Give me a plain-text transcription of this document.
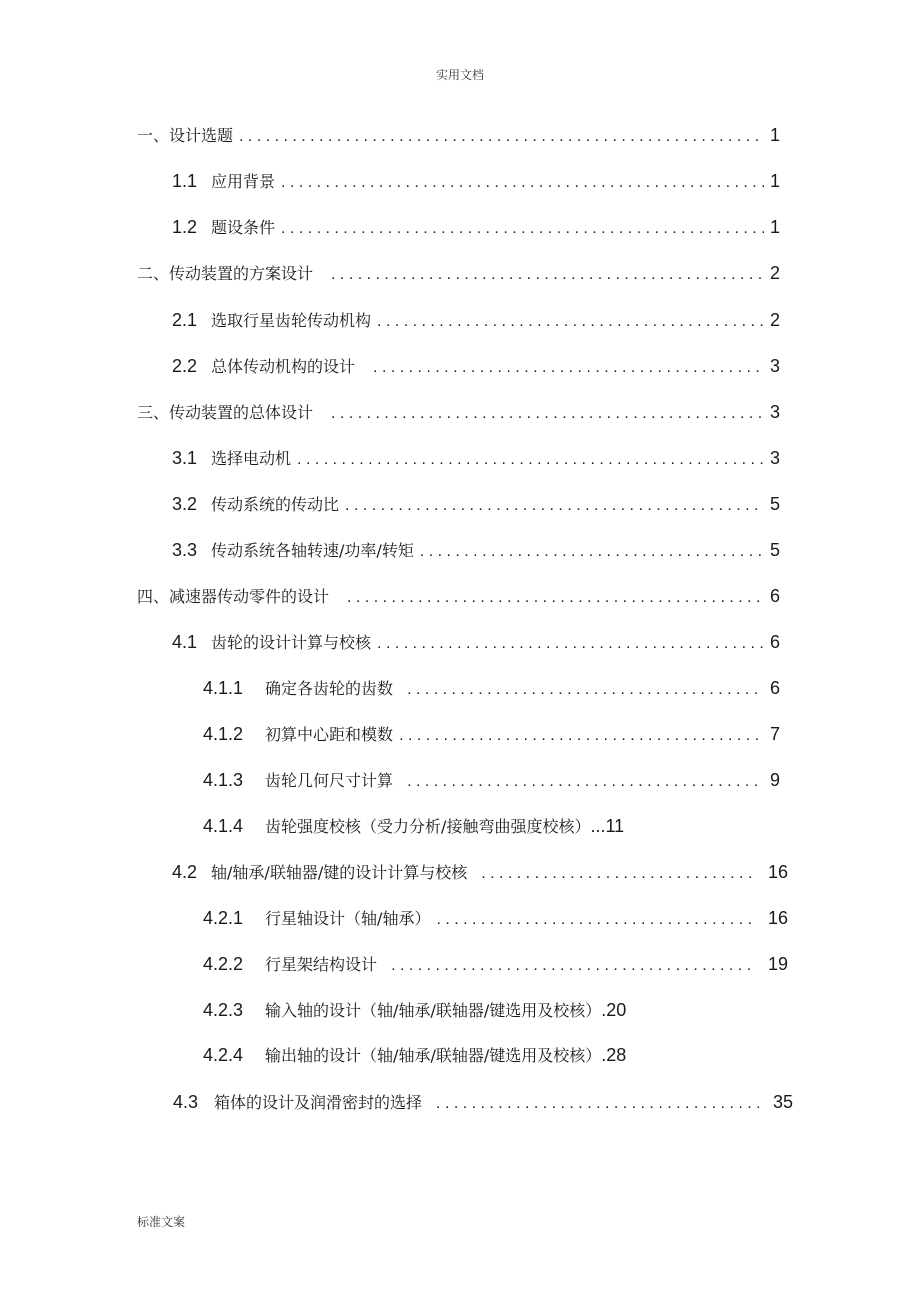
实用文档
一、 设计选题 . . .	1
1.1 应用背景 . . .	1
1.2 题设条件 . . .	1
二、 传动装置的方案设计 . . .	2
2.1 选取行星齿轮传动机构 . . .	2
2.2 总体传动机构的设计 . . .	3
三、 传动装置的总体设计 . . .	3
3.1 选择电动机 . . .	3
3.2 传动系统的传动比 . . .	5
3.3 传动系统各轴转速/功率/转矩 . . .	5
四、 减速器传动零件的设计 . . .	6
4.1 齿轮的设计计算与校核 . . .	6
4.1.1 确定各齿轮的齿数 . . .	6
4.1.2 初算中心距和模数 . . .	7
4.1.3 齿轮几何尺寸计算 . . .	9
4.1.4 齿轮强度校核（受力分析/接触弯曲强度校核） ...11
4.2 轴/轴承/联轴器/键的设计计算与校核 . . .	16
4.2.1 行星轴设计（轴/轴承） . . .	16
4.2.2 行星架结构设计 . . .	19
4.2.3 输入轴的设计（轴/轴承/联轴器/键选用及校核） .20
4.2.4 输出轴的设计（轴/轴承/联轴器/键选用及校核） .28
4.3 箱体的设计及润滑密封的选择 . . .	35
标准文案
